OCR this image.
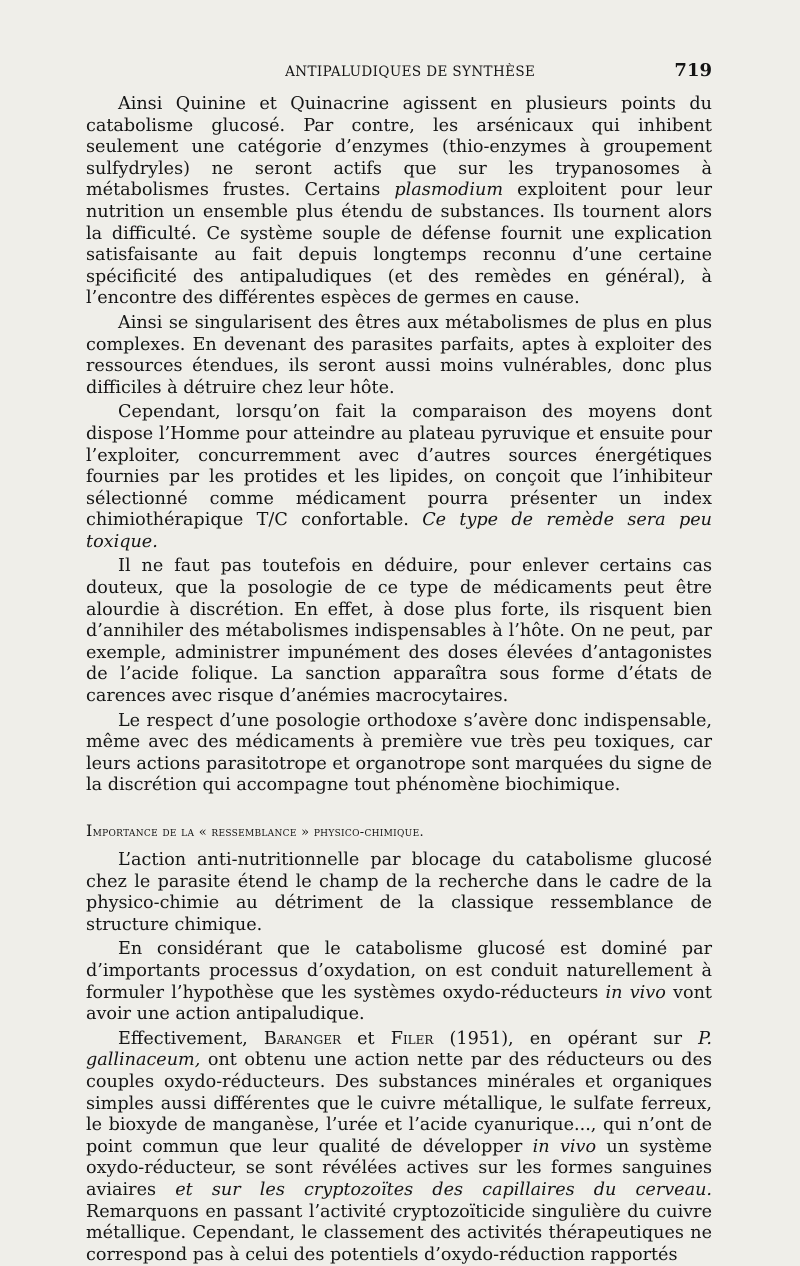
ANTIPALUDIQUES DE SYNTHÈSE	719

Ainsi Quinine et Quinacrine agissent en plusieurs points du catabolisme glucosé. Par contre, les arsénicaux qui inhibent seulement une catégorie d’enzymes (thio-enzymes à groupement sulfydryles) ne seront actifs que sur les trypanosomes à métabolismes frustes. Certains plasmodium exploitent pour leur nutrition un ensemble plus étendu de substances. Ils tournent alors la difficulté. Ce système souple de défense fournit une explication satisfaisante au fait depuis longtemps reconnu d’une certaine spécificité des antipaludiques (et des remèdes en général), à l’encontre des différentes espèces de germes en cause.

Ainsi se singularisent des êtres aux métabolismes de plus en plus complexes. En devenant des parasites parfaits, aptes à exploiter des ressources étendues, ils seront aussi moins vulnérables, donc plus difficiles à détruire chez leur hôte.

Cependant, lorsqu’on fait la comparaison des moyens dont dispose l’Homme pour atteindre au plateau pyruvique et ensuite pour l’exploiter, concurremment avec d’autres sources énergétiques fournies par les protides et les lipides, on conçoit que l’inhibiteur sélectionné comme médicament pourra présenter un index chimiothérapique T/C confortable. Ce type de remède sera peu toxique.

Il ne faut pas toutefois en déduire, pour enlever certains cas douteux, que la posologie de ce type de médicaments peut être alourdie à discrétion. En effet, à dose plus forte, ils risquent bien d’annihiler des métabolismes indispensables à l’hôte. On ne peut, par exemple, administrer impunément des doses élevées d’antagonistes de l’acide folique. La sanction apparaîtra sous forme d’états de carences avec risque d’anémies macrocytaires.

Le respect d’une posologie orthodoxe s’avère donc indispensable, même avec des médicaments à première vue très peu toxiques, car leurs actions parasitotrope et organotrope sont marquées du signe de la discrétion qui accompagne tout phénomène biochimique.

Importance de la « ressemblance » physico-chimique.

L’action anti-nutritionnelle par blocage du catabolisme glucosé chez le parasite étend le champ de la recherche dans le cadre de la physico-chimie au détriment de la classique ressemblance de structure chimique.

En considérant que le catabolisme glucosé est dominé par d’importants processus d’oxydation, on est conduit naturellement à formuler l’hypothèse que les systèmes oxydo-réducteurs in vivo vont avoir une action antipaludique.

Effectivement, Baranger et Filer (1951), en opérant sur P. gallinaceum, ont obtenu une action nette par des réducteurs ou des couples oxydo-réducteurs. Des substances minérales et organiques simples aussi différentes que le cuivre métallique, le sulfate ferreux, le bioxyde de manganèse, l’urée et l’acide cyanurique..., qui n’ont de point commun que leur qualité de développer in vivo un système oxydo-réducteur, se sont révélées actives sur les formes sanguines aviaires et sur les cryptozoïtes des capillaires du cerveau. Remarquons en passant l’activité cryptozoïticide singulière du cuivre métallique. Cependant, le classement des activités thérapeutiques ne correspond pas à celui des potentiels d’oxydo-réduction rapportés
